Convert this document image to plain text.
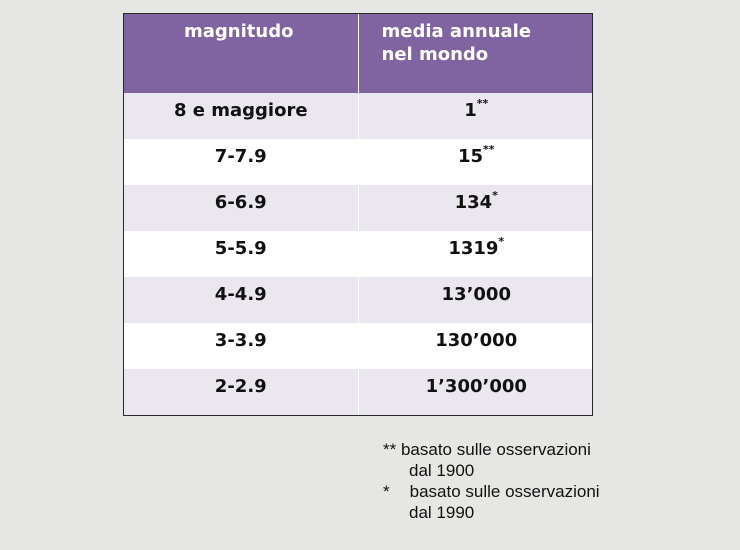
magnitudo	media annuale
nel mondo

8 e maggiore	1**
7-7.9	15**
6-6.9	134*
5-5.9	1319*
4-4.9	13’000
3-3.9	130’000
2-2.9	1’300’000
** basato sulle osservazioni
dal 1900
* basato sulle osservazioni
dal 1990
